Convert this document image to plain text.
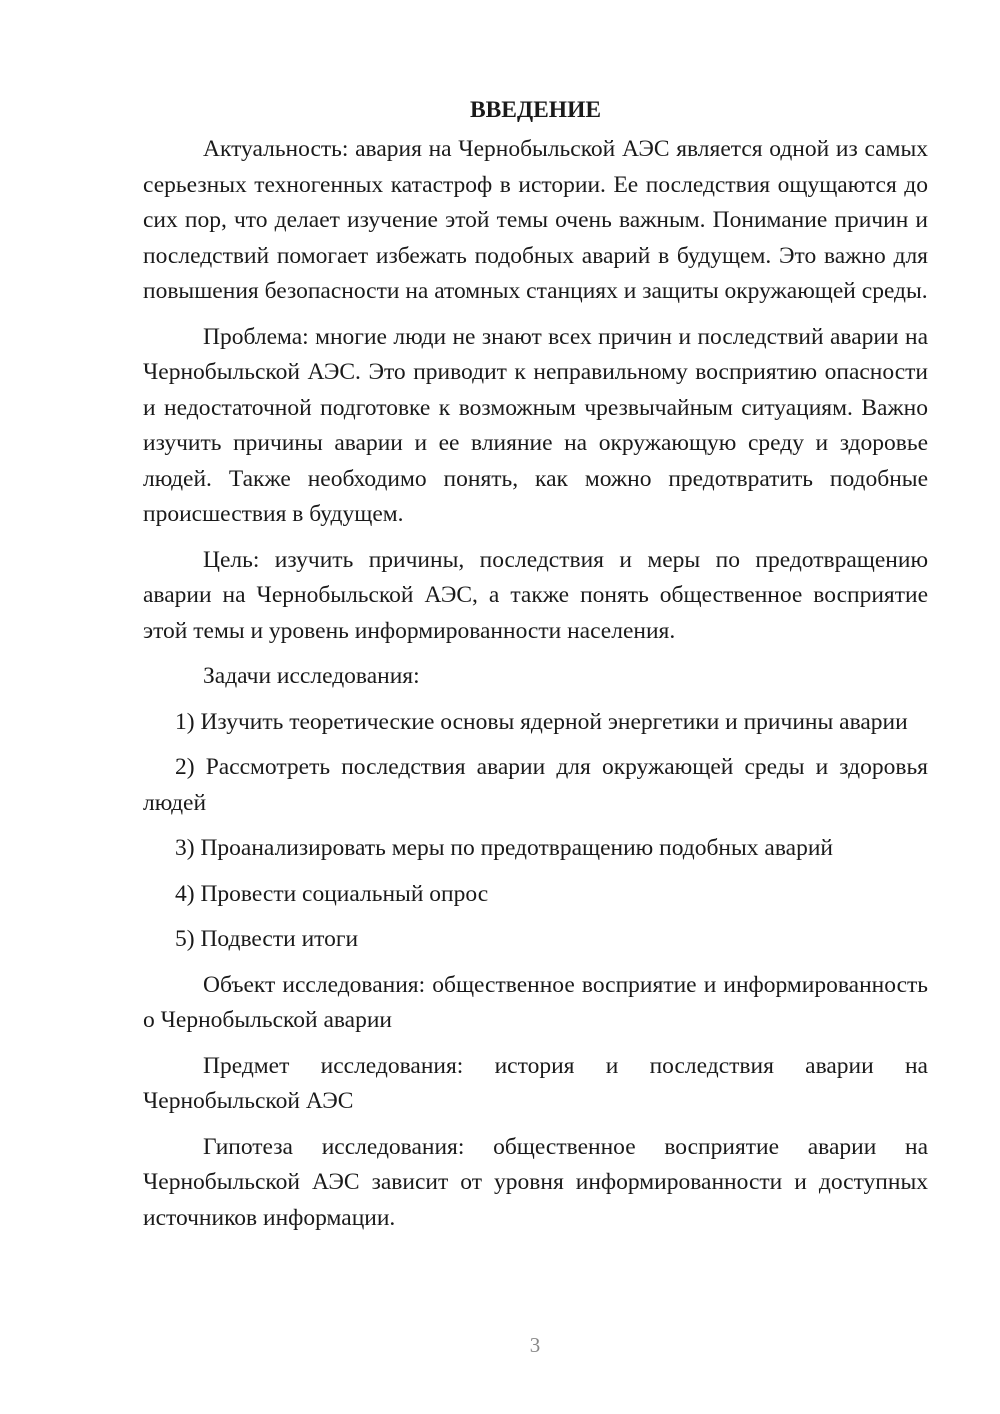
ВВЕДЕНИЕ

Актуальность: авария на Чернобыльской АЭС является одной из самых серьезных техногенных катастроф в истории. Ее последствия ощущаются до сих пор, что делает изучение этой темы очень важным. Понимание причин и последствий помогает избежать подобных аварий в будущем. Это важно для повышения безопасности на атомных станциях и защиты окружающей среды.

Проблема: многие люди не знают всех причин и последствий аварии на Чернобыльской АЭС. Это приводит к неправильному восприятию опасности и недостаточной подготовке к возможным чрезвычайным ситуациям. Важно изучить причины аварии и ее влияние на окружающую среду и здоровье людей. Также необходимо понять, как можно предотвратить подобные происшествия в будущем.

Цель: изучить причины, последствия и меры по предотвращению аварии на Чернобыльской АЭС, а также понять общественное восприятие этой темы и уровень информированности населения.

Задачи исследования:

1) Изучить теоретические основы ядерной энергетики и причины аварии

2) Рассмотреть последствия аварии для окружающей среды и здоровья людей

3) Проанализировать меры по предотвращению подобных аварий

4) Провести социальный опрос

5) Подвести итоги

Объект исследования: общественное восприятие и информированность о Чернобыльской аварии

Предмет исследования: история и последствия аварии на Чернобыльской АЭС

Гипотеза исследования: общественное восприятие аварии на Чернобыльской АЭС зависит от уровня информированности и доступных источников информации.

3
